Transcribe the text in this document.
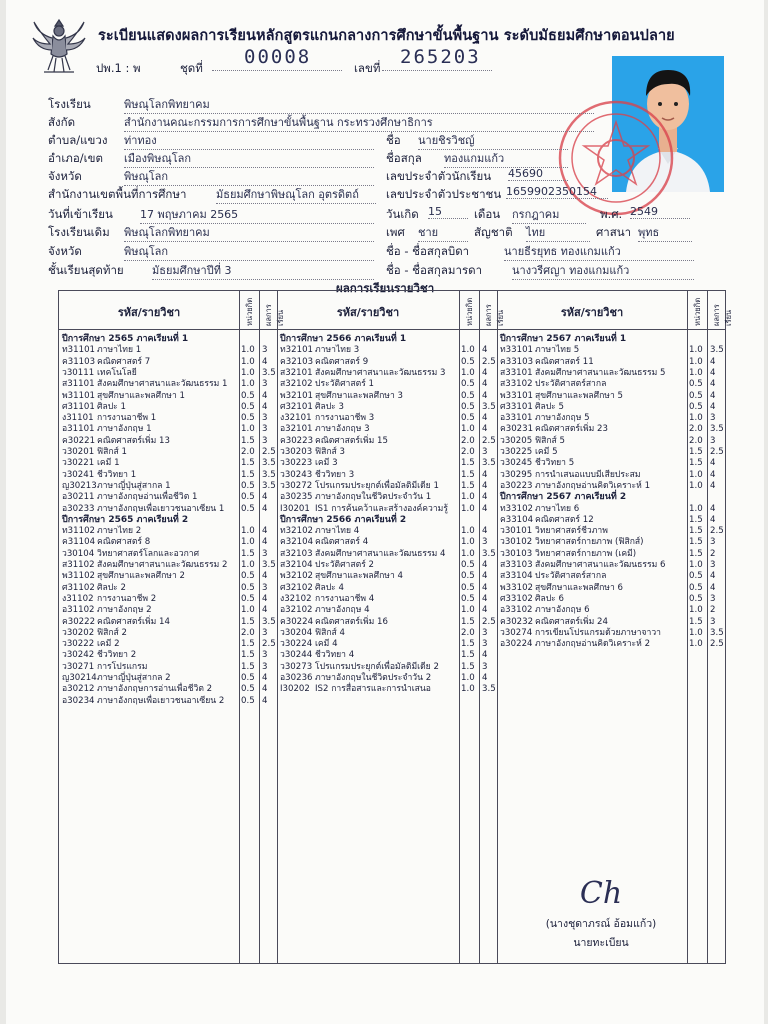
ระเบียนแสดงผลการเรียนหลักสูตรแกนกลางการศึกษาขั้นพื้นฐาน ระดับมัธยมศึกษาตอนปลาย
ปพ.1 : พ	ชุดที่ 00008	เลขที่ 265203
โรงเรียน	พิษณุโลกพิทยาคม
สังกัด	สำนักงานคณะกรรมการการศึกษาขั้นพื้นฐาน กระทรวงศึกษาธิการ
ตำบล/แขวง ท่าทอง	ชื่อ นายชิรวิชญ์
อำเภอ/เขต เมืองพิษณุโลก	ชื่อสกุล ทองแกมแก้ว
จังหวัด	พิษณุโลก	เลขประจำตัวนักเรียน 45690
สำนักงานเขตพื้นที่การศึกษา	มัธยมศึกษาพิษณุโลก อุตรดิตถ์	เลขประจำตัวประชาชน 1659902350154
วันที่เข้าเรียน 17 พฤษภาคม 2565	วันเกิด 15	เดือน กรกฎาคม	พ.ศ. 2549
โรงเรียนเดิม พิษณุโลกพิทยาคม	เพศ ชาย	สัญชาติ ไทย	ศาสนา พุทธ
จังหวัด	พิษณุโลก	ชื่อ - ชื่อสกุลบิดา	นายธีรยุทธ ทองแกมแก้ว
ชั้นเรียนสุดท้าย	มัธยมศึกษาปีที่ 3	ชื่อ - ชื่อสกุลมารดา	นางวรีศญา ทองแกมแก้ว
ผลการเรียนรายวิชา
รหัส/รายวิชา	หน่วยกิต ผลการเรียน
ปีการศึกษา 2565 ภาคเรียนที่ 1
ท31101 ภาษาไทย 1	1.0 3
ค31103 คณิตศาสตร์ 7	1.0 4
ว30111 เทคโนโลยี	1.0 3.5
ส31101 สังคมศึกษาศาสนาและวัฒนธรรม 1 1.0 3
พ31101 สุขศึกษาและพลศึกษา 1	0.5 4
ศ31101 ศิลปะ 1	0.5 4
ง31101 การงานอาชีพ 1	0.5 3
อ31101 ภาษาอังกฤษ 1	1.0 3
ค30221 คณิตศาสตร์เพิ่ม 13	1.5 3
ว30201 ฟิสิกส์ 1	2.0 2.5
ว30221 เคมี 1	1.5 3.5
ว30241 ชีววิทยา 1	1.5 3.5
ญ30213 ภาษาญี่ปุ่นสู่สากล 1	0.5 3.5
อ30211 ภาษาอังกฤษอ่านเพื่อชีวิต 1	0.5 4
อ30233 ภาษาอังกฤษเพื่อเยาวชนอาเซียน 1 0.5 4
ปีการศึกษา 2565 ภาคเรียนที่ 2
ท31102 ภาษาไทย 2	1.0 4
ค31104 คณิตศาสตร์ 8	1.0 4
ว30104 วิทยาศาสตร์โลกและอวกาศ	1.5 3
ส31102 สังคมศึกษาศาสนาและวัฒนธรรม 2 1.0 3.5
พ31102 สุขศึกษาและพลศึกษา 2	0.5 4
ศ31102 ศิลปะ 2	0.5 3
ง31102 การงานอาชีพ 2	0.5 4
อ31102 ภาษาอังกฤษ 2	1.0 4
ค30222 คณิตศาสตร์เพิ่ม 14	1.5 3.5
ว30202 ฟิสิกส์ 2	2.0 3
ว30222 เคมี 2	1.5 2.5
ว30242 ชีววิทยา 2	1.5 3
ว30271 การโปรแกรม	1.5 3
ญ30214 ภาษาญี่ปุ่นสู่สากล 2	0.5 4
อ30212 ภาษาอังกฤษการอ่านเพื่อชีวิต 2	0.5 4
อ30234 ภาษาอังกฤษเพื่อเยาวชนอาเซียน 2 0.5 4
รหัส/รายวิชา	หน่วยกิต ผลการเรียน
ปีการศึกษา 2566 ภาคเรียนที่ 1
ท32101 ภาษาไทย 3	1.0 4
ค32103 คณิตศาสตร์ 9	0.5 2.5
ส32101 สังคมศึกษาศาสนาและวัฒนธรรม 3 1.0 4
ส32102 ประวัติศาสตร์ 1	0.5 4
พ32101 สุขศึกษาและพลศึกษา 3	0.5 4
ศ32101 ศิลปะ 3	0.5 3.5
ง32101 การงานอาชีพ 3	0.5 4
อ32101 ภาษาอังกฤษ 3	1.0 4
ค30223 คณิตศาสตร์เพิ่ม 15	2.0 2.5
ว30203 ฟิสิกส์ 3	2.0 3
ว30223 เคมี 3	1.5 3.5
ว30243 ชีววิทยา 3	1.5 4
ว30272 โปรแกรมประยุกต์เพื่อมัลติมีเดีย 1	1.5 4
อ30235 ภาษาอังกฤษในชีวิตประจำวัน 1	1.0 4
I30201 IS1 การค้นคว้าและสร้างองค์ความรู้ 1.0 4
ปีการศึกษา 2566 ภาคเรียนที่ 2
ท32102 ภาษาไทย 4	1.0 4
ค32104 คณิตศาสตร์ 4	1.0 3
ส32103 สังคมศึกษาศาสนาและวัฒนธรรม 4 1.0 3.5
ส32104 ประวัติศาสตร์ 2	0.5 4
พ32102 สุขศึกษาและพลศึกษา 4	0.5 4
ศ32102 ศิลปะ 4	0.5 4
ง32102 การงานอาชีพ 4	0.5 4
อ32102 ภาษาอังกฤษ 4	1.0 4
ค30224 คณิตศาสตร์เพิ่ม 16	1.5 2.5
ว30204 ฟิสิกส์ 4	2.0 3
ว30224 เคมี 4	1.5 3
ว30244 ชีววิทยา 4	1.5 4
ว30273 โปรแกรมประยุกต์เพื่อมัลติมีเดีย 2	1.5 3
อ30236 ภาษาอังกฤษในชีวิตประจำวัน 2	1.0 4
I30202 IS2 การสื่อสารและการนำเสนอ	1.0 3.5
รหัส/รายวิชา	หน่วยกิต ผลการเรียน
ปีการศึกษา 2567 ภาคเรียนที่ 1
ท33101 ภาษาไทย 5	1.0 3.5
ค33103 คณิตศาสตร์ 11	1.0 4
ส33101 สังคมศึกษาศาสนาและวัฒนธรรม 5	1.0 4
ส33102 ประวัติศาสตร์สากล	0.5 4
พ33101 สุขศึกษาและพลศึกษา 5	0.5 4
ศ33101 ศิลปะ 5	0.5 4
อ33101 ภาษาอังกฤษ 5	1.0 3
ค30231 คณิตศาสตร์เพิ่ม 23	2.0 3.5
ว30205 ฟิสิกส์ 5	2.0 3
ว30225 เคมี 5	1.5 2.5
ว30245 ชีววิทยา 5	1.5 4
ว30295 การนำเสนอแบบมีเสียประสม	1.0 4
อ30223 ภาษาอังกฤษอ่านคิดวิเคราะห์ 1	1.0 4
ปีการศึกษา 2567 ภาคเรียนที่ 2
ท33102 ภาษาไทย 6	1.0 4
ค33104 คณิตศาสตร์ 12	1.5 4
ว30101 วิทยาศาสตร์ชีวภาพ	1.5 2.5
ว30102 วิทยาศาสตร์กายภาพ (ฟิสิกส์)	1.5 3
ว30103 วิทยาศาสตร์กายภาพ (เคมี)	1.5 2
ส33103 สังคมศึกษาศาสนาและวัฒนธรรม 6	1.0 3
ส33104 ประวัติศาสตร์สากล	0.5 4
พ33102 สุขศึกษาและพลศึกษา 6	0.5 4
ศ33102 ศิลปะ 6	0.5 3
อ33102 ภาษาอังกฤษ 6	1.0 2
ค30232 คณิตศาสตร์เพิ่ม 24	1.5 3
ว30274 การเขียนโปรแกรมด้วยภาษาจาวา	1.0 3.5
อ30224 ภาษาอังกฤษอ่านคิดวิเคราะห์ 2	1.0 2.5
Ch
(นางชุดาภรณ์ อ้อมแก้ว)
นายทะเบียน
